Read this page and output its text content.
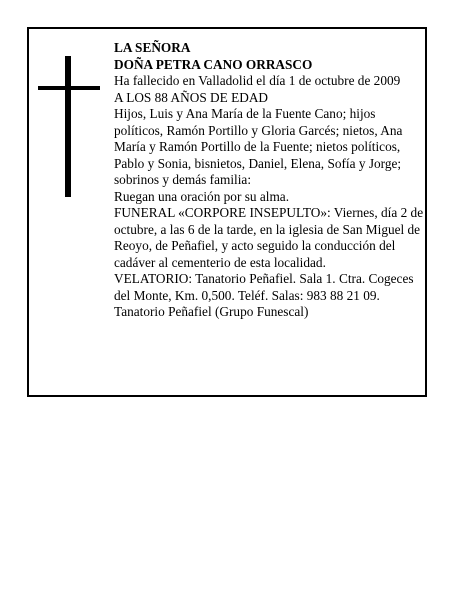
LA SEÑORA
DOÑA PETRA CANO ORRASCO
Ha fallecido en Valladolid el día 1 de octubre de 2009
A LOS 88 AÑOS DE EDAD
Hijos, Luis y Ana María de la Fuente Cano; hijos políticos, Ramón Portillo y Gloria Garcés; nietos, Ana María y Ramón Portillo de la Fuente; nietos políticos, Pablo y Sonia, bisnietos, Daniel, Elena, Sofía y Jorge; sobrinos y demás familia:
Ruegan una oración por su alma.
FUNERAL «CORPORE INSEPULTO»: Viernes, día 2 de octubre, a las 6 de la tarde, en la iglesia de San Miguel de Reoyo, de Peñafiel, y acto seguido la conducción del cadáver al cementerio de esta localidad.
VELATORIO: Tanatorio Peñafiel. Sala 1. Ctra. Cogeces del Monte, Km. 0,500. Teléf. Salas: 983 88 21 09.
Tanatorio Peñafiel (Grupo Funescal)
